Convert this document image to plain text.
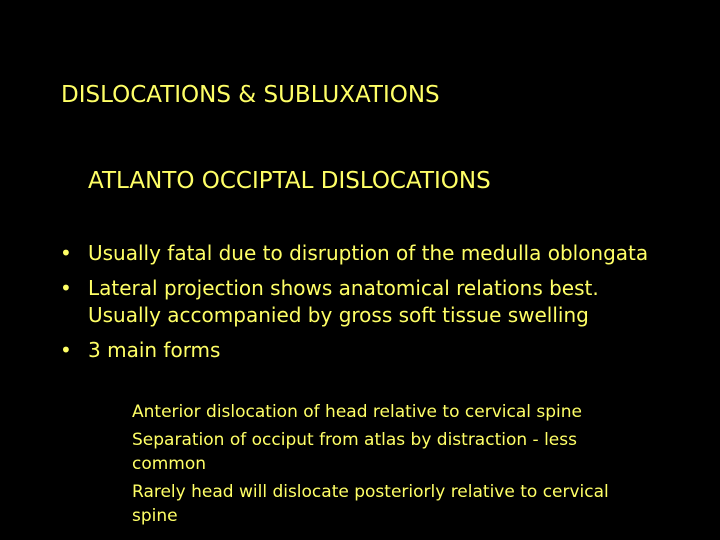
DISLOCATIONS & SUBLUXATIONS
ATLANTO OCCIPTAL DISLOCATIONS
• Usually fatal due to disruption of the medulla oblongata
• Lateral projection shows anatomical relations best. Usually accompanied by gross soft tissue swelling
• 3 main forms
Anterior dislocation of head relative to cervical spine
Separation of occiput from atlas by distraction - less common
Rarely head will dislocate posteriorly relative to cervical spine
